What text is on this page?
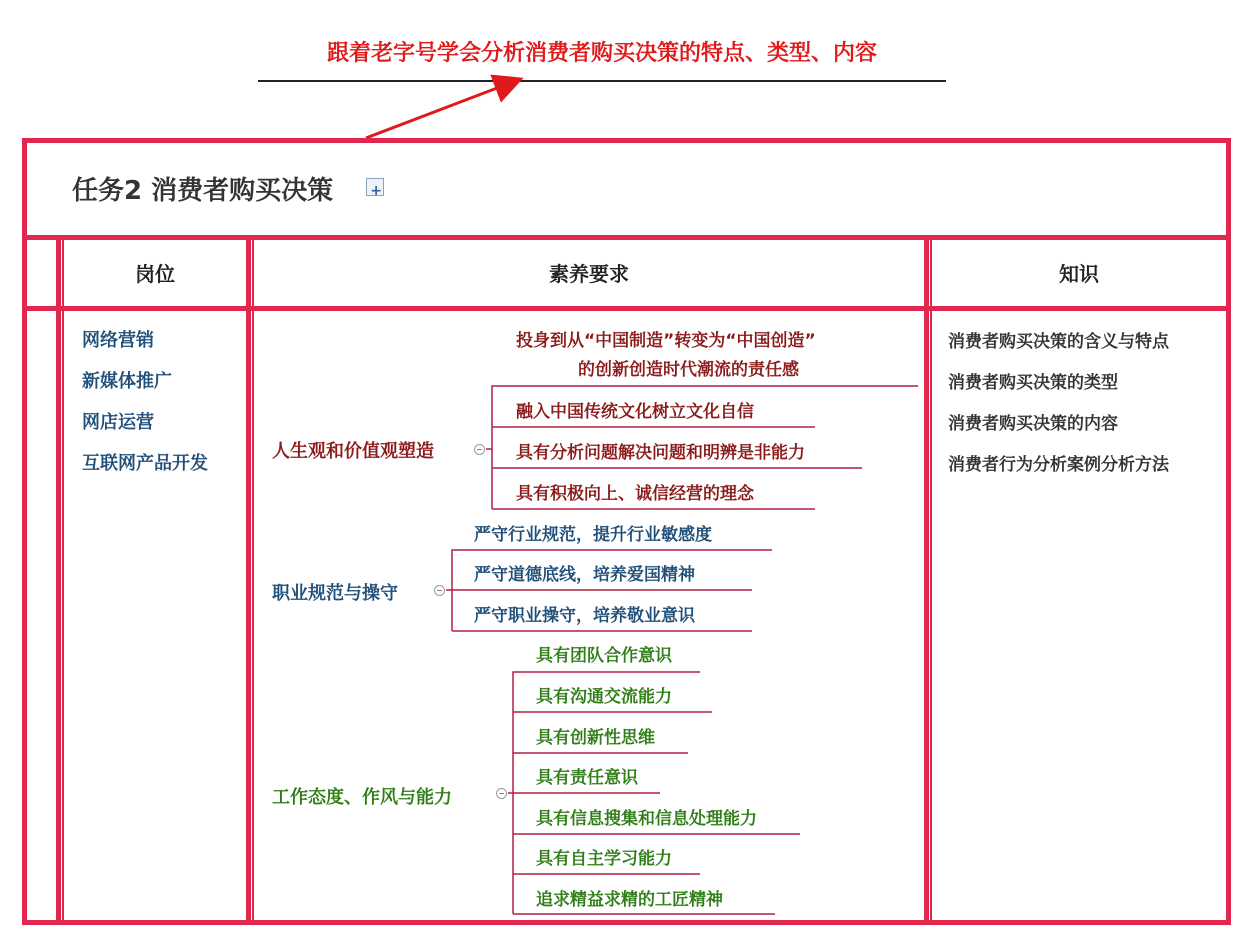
跟着老字号学会分析消费者购买决策的特点、类型、内容
任务2 消费者购买决策
+
岗位	素养要求	知识
网络营销
新媒体推广
网店运营
互联网产品开发
消费者购买决策的含义与特点
消费者购买决策的类型
消费者购买决策的内容
消费者行为分析案例分析方法
人生观和价值观塑造
投身到从“中国制造”转变为“中国创造”
的创新创造时代潮流的责任感
融入中国传统文化树立文化自信
具有分析问题解决问题和明辨是非能力
具有积极向上、诚信经营的理念
职业规范与操守
严守行业规范，提升行业敏感度
严守道德底线，培养爱国精神
严守职业操守，培养敬业意识
工作态度、作风与能力
具有团队合作意识
具有沟通交流能力
具有创新性思维
具有责任意识
具有信息搜集和信息处理能力
具有自主学习能力
追求精益求精的工匠精神
